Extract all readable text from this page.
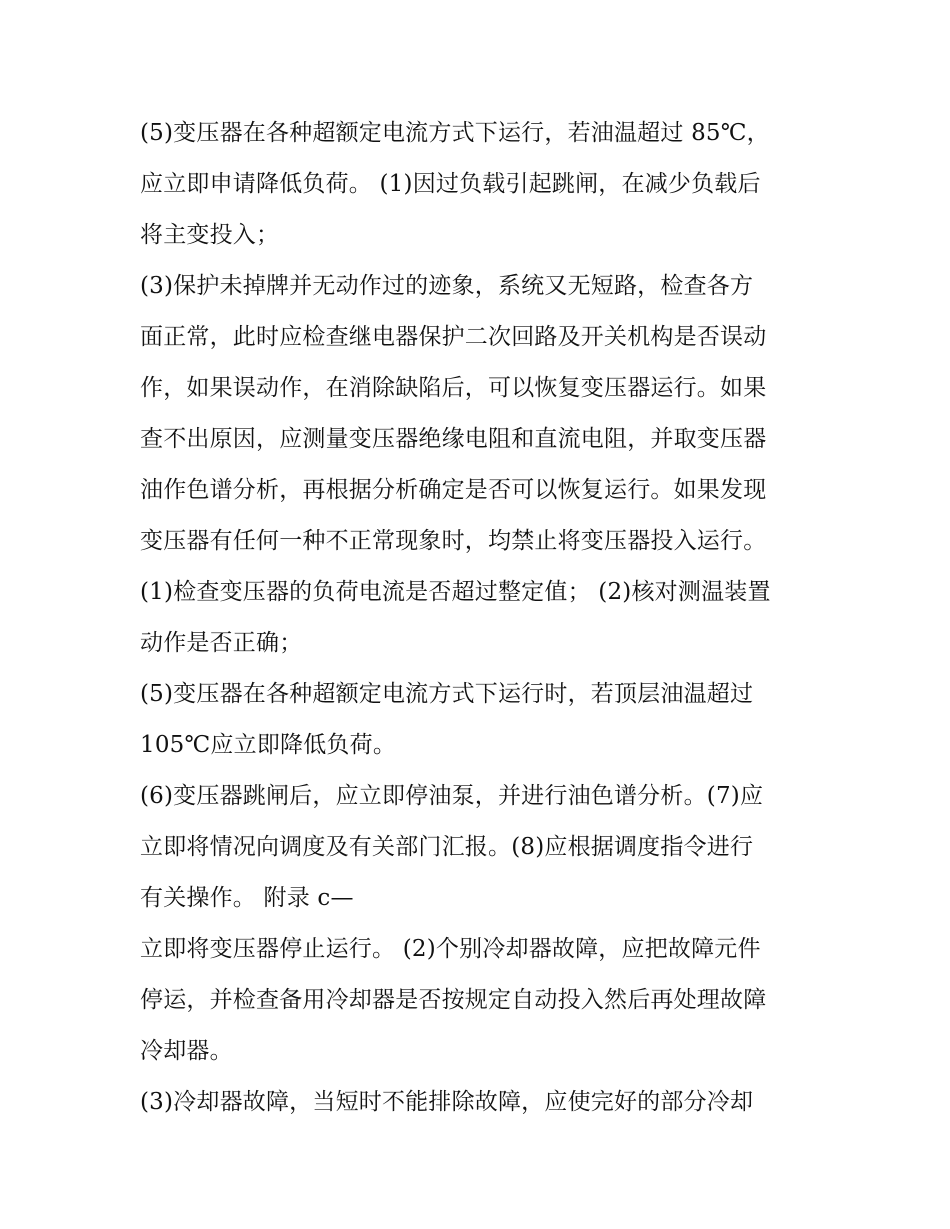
(5)变压器在各种超额定电流方式下运行，若油温超过 85℃，
应立即申请降低负荷。 (1)因过负载引起跳闸，在减少负载后
将主变投入；
(3)保护未掉牌并无动作过的迹象，系统又无短路，检查各方
面正常，此时应检查继电器保护二次回路及开关机构是否误动
作，如果误动作，在消除缺陷后，可以恢复变压器运行。如果
查不出原因，应测量变压器绝缘电阻和直流电阻，并取变压器
油作色谱分析，再根据分析确定是否可以恢复运行。如果发现
变压器有任何一种不正常现象时，均禁止将变压器投入运行。
(1)检查变压器的负荷电流是否超过整定值； (2)核对测温装置
动作是否正确；
(5)变压器在各种超额定电流方式下运行时，若顶层油温超过
105℃应立即降低负荷。
(6)变压器跳闸后，应立即停油泵，并进行油色谱分析。(7)应
立即将情况向调度及有关部门汇报。(8)应根据调度指令进行
有关操作。 附录 c—
立即将变压器停止运行。 (2)个别冷却器故障，应把故障元件
停运，并检查备用冷却器是否按规定自动投入然后再处理故障
冷却器。
(3)冷却器故障，当短时不能排除故障，应使完好的部分冷却
